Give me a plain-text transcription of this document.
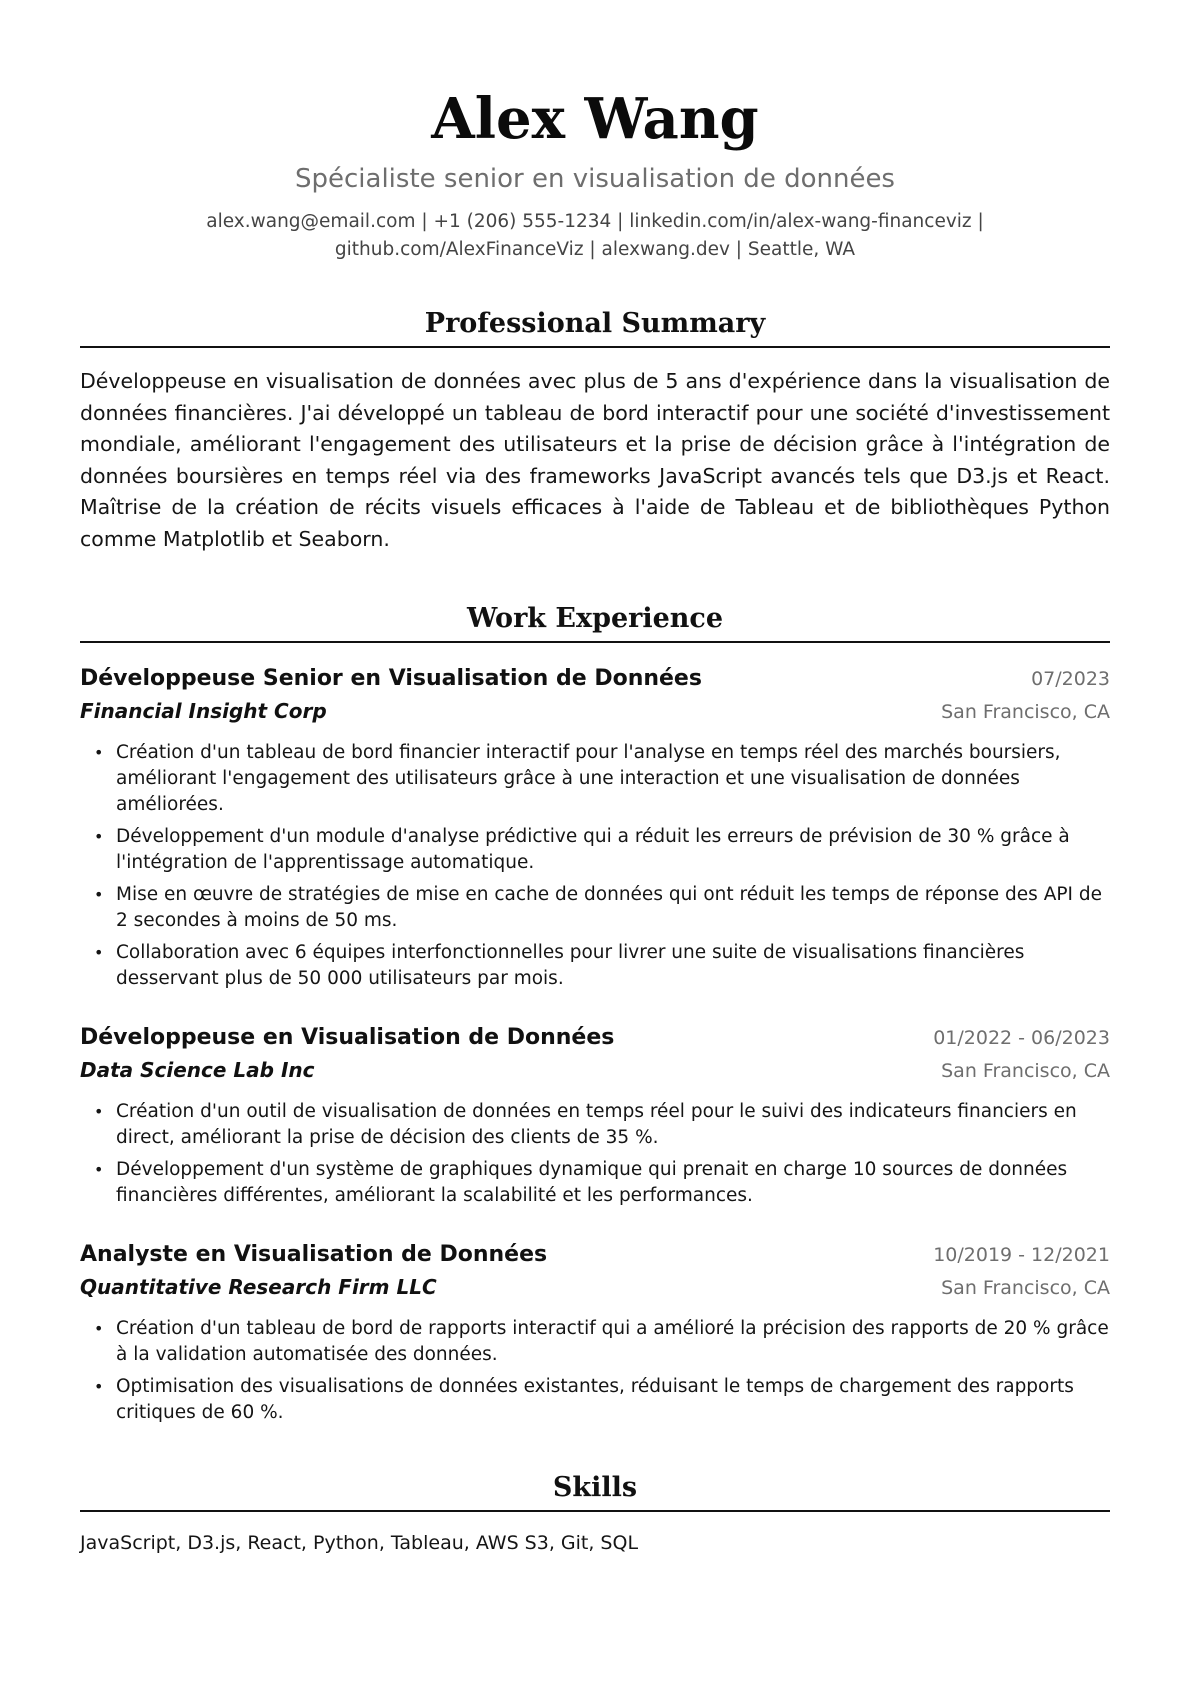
Alex Wang
Spécialiste senior en visualisation de données
alex.wang@email.com | +1 (206) 555-1234 | linkedin.com/in/alex-wang-financeviz | github.com/AlexFinanceViz | alexwang.dev | Seattle, WA
Professional Summary
Développeuse en visualisation de données avec plus de 5 ans d'expérience dans la visualisation de données financières. J'ai développé un tableau de bord interactif pour une société d'investissement mondiale, améliorant l'engagement des utilisateurs et la prise de décision grâce à l'intégration de données boursières en temps réel via des frameworks JavaScript avancés tels que D3.js et React. Maîtrise de la création de récits visuels efficaces à l'aide de Tableau et de bibliothèques Python comme Matplotlib et Seaborn.
Work Experience
Développeuse Senior en Visualisation de Données	07/2023
Financial Insight Corp	San Francisco, CA
• Création d'un tableau de bord financier interactif pour l'analyse en temps réel des marchés boursiers, améliorant l'engagement des utilisateurs grâce à une interaction et une visualisation de données améliorées.
• Développement d'un module d'analyse prédictive qui a réduit les erreurs de prévision de 30 % grâce à l'intégration de l'apprentissage automatique.
• Mise en œuvre de stratégies de mise en cache de données qui ont réduit les temps de réponse des API de 2 secondes à moins de 50 ms.
• Collaboration avec 6 équipes interfonctionnelles pour livrer une suite de visualisations financières desservant plus de 50 000 utilisateurs par mois.
Développeuse en Visualisation de Données	01/2022 - 06/2023
Data Science Lab Inc	San Francisco, CA
• Création d'un outil de visualisation de données en temps réel pour le suivi des indicateurs financiers en direct, améliorant la prise de décision des clients de 35 %.
• Développement d'un système de graphiques dynamique qui prenait en charge 10 sources de données financières différentes, améliorant la scalabilité et les performances.
Analyste en Visualisation de Données	10/2019 - 12/2021
Quantitative Research Firm LLC	San Francisco, CA
• Création d'un tableau de bord de rapports interactif qui a amélioré la précision des rapports de 20 % grâce à la validation automatisée des données.
• Optimisation des visualisations de données existantes, réduisant le temps de chargement des rapports critiques de 60 %.
Skills
JavaScript, D3.js, React, Python, Tableau, AWS S3, Git, SQL
